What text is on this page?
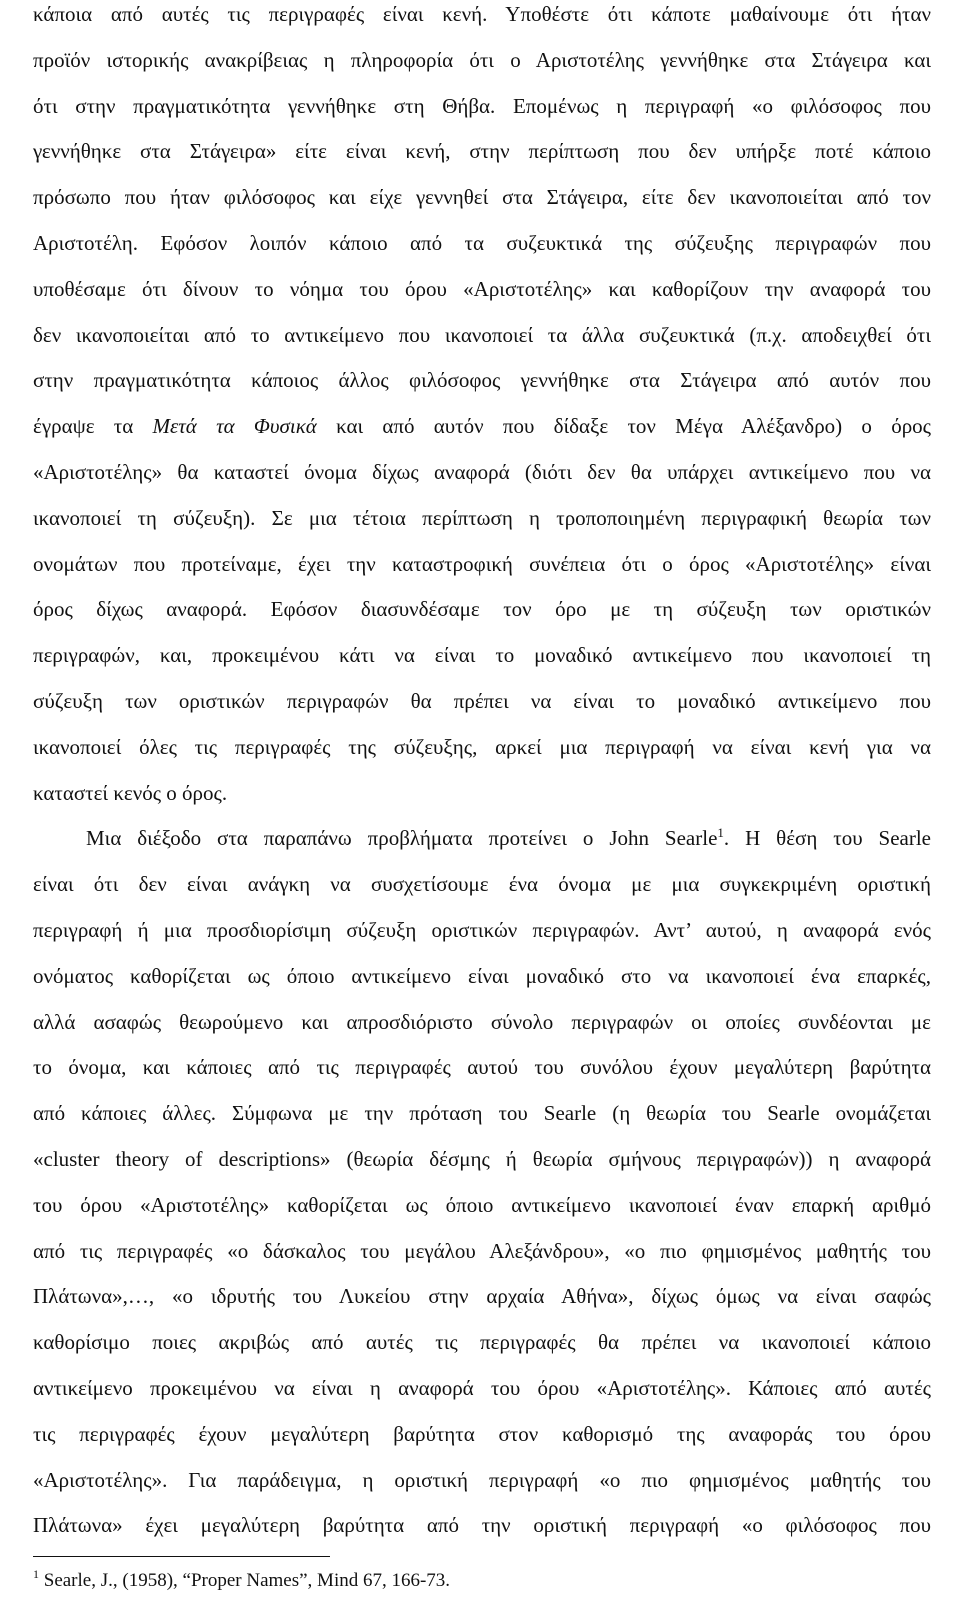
κάποια από αυτές τις περιγραφές είναι κενή. Υποθέστε ότι κάποτε μαθαίνουμε ότι ήταν
προϊόν ιστορικής ανακρίβειας η πληροφορία ότι ο Αριστοτέλης γεννήθηκε στα Στάγειρα και
ότι στην πραγματικότητα γεννήθηκε στη Θήβα. Επομένως η περιγραφή «ο φιλόσοφος που
γεννήθηκε στα Στάγειρα» είτε είναι κενή, στην περίπτωση που δεν υπήρξε ποτέ κάποιο
πρόσωπο που ήταν φιλόσοφος και είχε γεννηθεί στα Στάγειρα, είτε δεν ικανοποιείται από τον
Αριστοτέλη. Εφόσον λοιπόν κάποιο από τα συζευκτικά της σύζευξης περιγραφών που
υποθέσαμε ότι δίνουν το νόημα του όρου «Αριστοτέλης» και καθορίζουν την αναφορά του
δεν ικανοποιείται από το αντικείμενο που ικανοποιεί τα άλλα συζευκτικά (π.χ. αποδειχθεί ότι
στην πραγματικότητα κάποιος άλλος φιλόσοφος γεννήθηκε στα Στάγειρα από αυτόν που
έγραψε τα Μετά τα Φυσικά και από αυτόν που δίδαξε τον Μέγα Αλέξανδρο) ο όρος
«Αριστοτέλης» θα καταστεί όνομα δίχως αναφορά (διότι δεν θα υπάρχει αντικείμενο που να
ικανοποιεί τη σύζευξη). Σε μια τέτοια περίπτωση η τροποποιημένη περιγραφική θεωρία των
ονομάτων που προτείναμε, έχει την καταστροφική συνέπεια ότι ο όρος «Αριστοτέλης» είναι
όρος δίχως αναφορά. Εφόσον διασυνδέσαμε τον όρο με τη σύζευξη των οριστικών
περιγραφών, και, προκειμένου κάτι να είναι το μοναδικό αντικείμενο που ικανοποιεί τη
σύζευξη των οριστικών περιγραφών θα πρέπει να είναι το μοναδικό αντικείμενο που
ικανοποιεί όλες τις περιγραφές της σύζευξης, αρκεί μια περιγραφή να είναι κενή για να
καταστεί κενός ο όρος.
Μια διέξοδο στα παραπάνω προβλήματα προτείνει ο John Searle$^1$. Η θέση του Searle
είναι ότι δεν είναι ανάγκη να συσχετίσουμε ένα όνομα με μια συγκεκριμένη οριστική
περιγραφή ή μια προσδιορίσιμη σύζευξη οριστικών περιγραφών. Αντ’ αυτού, η αναφορά ενός
ονόματος καθορίζεται ως όποιο αντικείμενο είναι μοναδικό στο να ικανοποιεί ένα επαρκές,
αλλά ασαφώς θεωρούμενο και απροσδιόριστο σύνολο περιγραφών οι οποίες συνδέονται με
το όνομα, και κάποιες από τις περιγραφές αυτού του συνόλου έχουν μεγαλύτερη βαρύτητα
από κάποιες άλλες. Σύμφωνα με την πρόταση του Searle (η θεωρία του Searle ονομάζεται
«cluster theory of descriptions» (θεωρία δέσμης ή θεωρία σμήνους περιγραφών)) η αναφορά
του όρου «Αριστοτέλης» καθορίζεται ως όποιο αντικείμενο ικανοποιεί έναν επαρκή αριθμό
από τις περιγραφές «ο δάσκαλος του μεγάλου Αλεξάνδρου», «ο πιο φημισμένος μαθητής του
Πλάτωνα»,…, «ο ιδρυτής του Λυκείου στην αρχαία Αθήνα», δίχως όμως να είναι σαφώς
καθορίσιμο ποιες ακριβώς από αυτές τις περιγραφές θα πρέπει να ικανοποιεί κάποιο
αντικείμενο προκειμένου να είναι η αναφορά του όρου «Αριστοτέλης». Κάποιες από αυτές
τις περιγραφές έχουν μεγαλύτερη βαρύτητα στον καθορισμό της αναφοράς του όρου
«Αριστοτέλης». Για παράδειγμα, η οριστική περιγραφή «ο πιο φημισμένος μαθητής του
Πλάτωνα» έχει μεγαλύτερη βαρύτητα από την οριστική περιγραφή «ο φιλόσοφος που
$^1$ Searle, J., (1958), “Proper Names”, Mind 67, 166-73.
